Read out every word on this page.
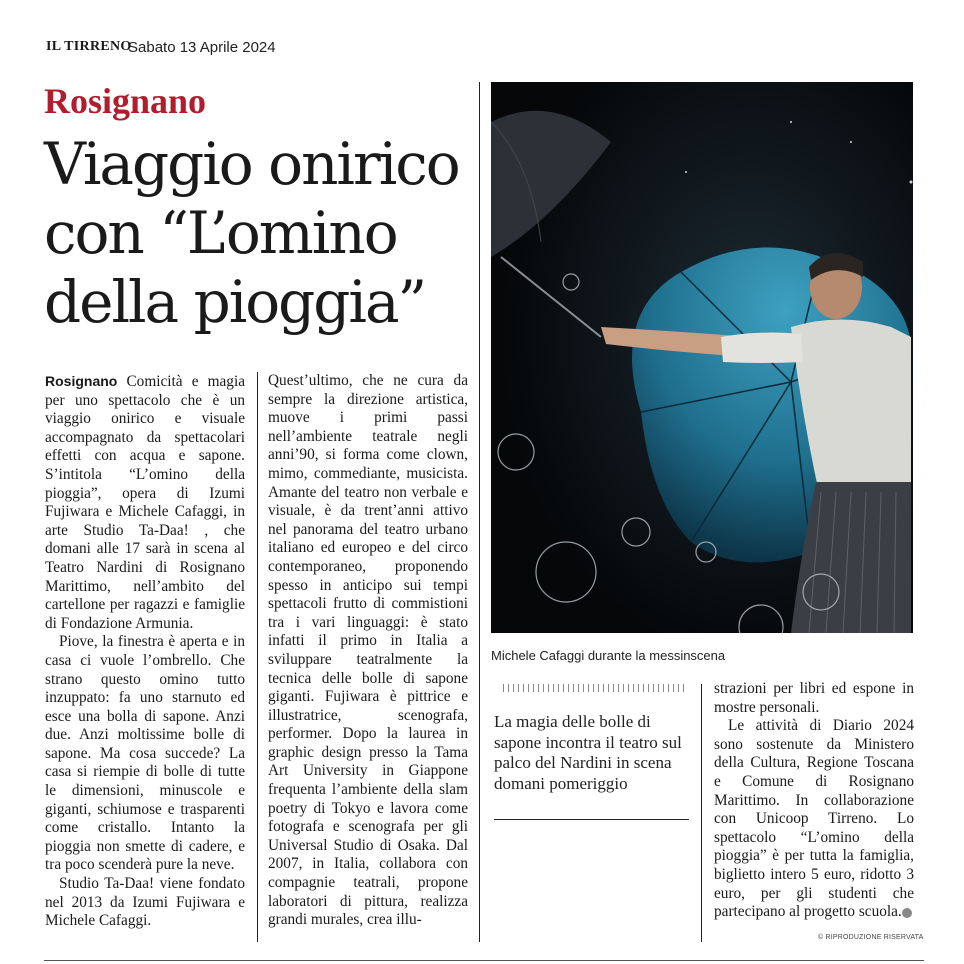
IL TIRRENO
Sabato 13 Aprile 2024
Rosignano
Viaggio onirico con “L’omino della pioggia”

Rosignano Comicità e magia per uno spettacolo che è un viaggio onirico e visuale accompagnato da spettacolari effetti con acqua e sapone. S’intitola “L’omino della pioggia”, opera di Izumi Fujiwara e Michele Cafaggi, in arte Studio Ta-Daa! , che domani alle 17 sarà in scena al Teatro Nardini di Rosignano Marittimo, nell’ambito del cartellone per ragazzi e famiglie di Fondazione Armunia.

Piove, la finestra è aperta e in casa ci vuole l’ombrello. Che strano questo omino tutto inzuppato: fa uno starnuto ed esce una bolla di sapone. Anzi due. Anzi moltissime bolle di sapone. Ma cosa succede? La casa si riempie di bolle di tutte le dimensioni, minuscole e giganti, schiumose e trasparenti come cristallo. Intanto la pioggia non smette di cadere, e tra poco scenderà pure la neve.

Studio Ta-Daa! viene fondato nel 2013 da Izumi Fujiwara e Michele Cafaggi.

Quest’ultimo, che ne cura da sempre la direzione artistica, muove i primi passi nell’ambiente teatrale negli anni’90, si forma come clown, mimo, commediante, musicista. Amante del teatro non verbale e visuale, è da trent’anni attivo nel panorama del teatro urbano italiano ed europeo e del circo contemporaneo, proponendo spesso in anticipo sui tempi spettacoli frutto di commistioni tra i vari linguaggi: è stato infatti il primo in Italia a sviluppare teatralmente la tecnica delle bolle di sapone giganti. Fujiwara è pittrice e illustratrice, scenografa, performer. Dopo la laurea in graphic design presso la Tama Art University in Giappone frequenta l’ambiente della slam poetry di Tokyo e lavora come fotografa e scenografa per gli Universal Studio di Osaka. Dal 2007, in Italia, collabora con compagnie teatrali, propone laboratori di pittura, realizza grandi murales, crea illu-

Michele Cafaggi durante la messinscena
La magia delle bolle di sapone incontra il teatro sul palco del Nardini in scena domani pomeriggio

strazioni per libri ed espone in mostre personali.

Le attività di Diario 2024 sono sostenute da Ministero della Cultura, Regione Toscana e Comune di Rosignano Marittimo. In collaborazione con Unicoop Tirreno. Lo spettacolo “L’omino della pioggia” è per tutta la famiglia, biglietto intero 5 euro, ridotto 3 euro, per gli studenti che partecipano al progetto scuola.

© RIPRODUZIONE RISERVATA
